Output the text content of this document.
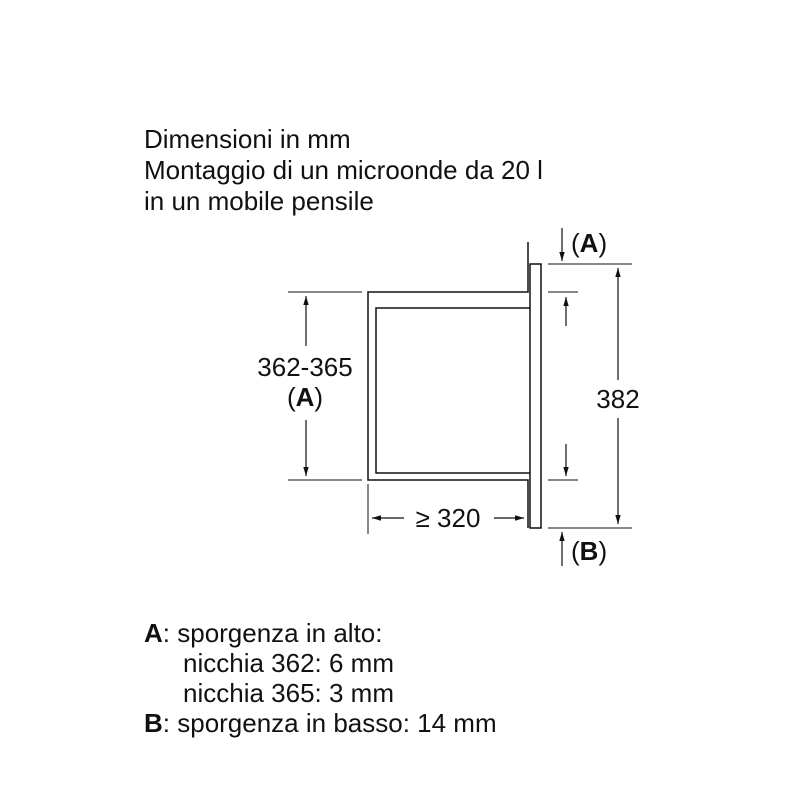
Dimensioni in mm
Montaggio di un microonde da 20 l
in un mobile pensile
362-365
(A)
≥ 320
(A)
(B)
382
A: sporgenza in alto:
nicchia 362: 6 mm
nicchia 365: 3 mm
B: sporgenza in basso: 14 mm
